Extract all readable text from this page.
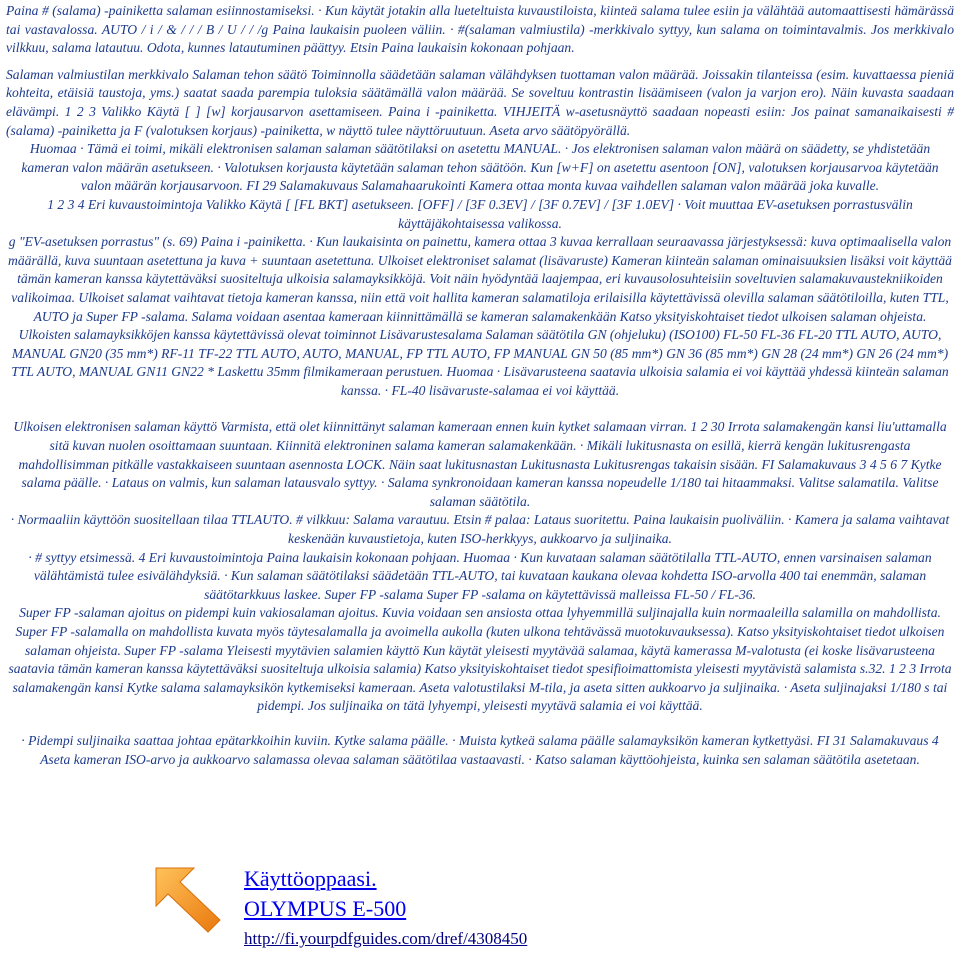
Paina # (salama) -painiketta salaman esiinnostamiseksi. · Kun käytät jotakin alla lueteltuista kuvaustiloista, kiinteä salama tulee esiin ja välähtää automaattisesti hämärässä tai vastavalossa. AUTO / i / & / / / B / U / / /g Paina laukaisin puoleen väliin. · #(salaman valmiustila) -merkkivalo syttyy, kun salama on toimintavalmis. Jos merkkivalo vilkkuu, salama latautuu. Odota, kunnes latautuminen päättyy. Etsin Paina laukaisin kokonaan pohjaan.

Salaman valmiustilan merkkivalo Salaman tehon säätö Toiminnolla säädetään salaman välähdyksen tuottaman valon määrää. Joissakin tilanteissa (esim. kuvattaessa pieniä kohteita, etäisiä taustoja, yms.) saatat saada parempia tuloksia säätämällä valon määrää. Se soveltuu kontrastin lisäämiseen (valon ja varjon ero). Näin kuvasta saadaan elävämpi. 1 2 3 Valikko Käytä [ ] [w] korjausarvon asettamiseen. Paina i -painiketta. VIHJEITÄ w-asetusnäyttö saadaan nopeasti esiin: Jos painat samanaikaisesti # (salama) -painiketta ja F (valotuksen korjaus) -painiketta, w näyttö tulee näyttöruutuun. Aseta arvo säätöpyörällä.

Huomaa · Tämä ei toimi, mikäli elektronisen salaman salaman säätötilaksi on asetettu MANUAL. · Jos elektronisen salaman valon määrä on säädetty, se yhdistetään kameran valon määrän asetukseen. · Valotuksen korjausta käytetään salaman tehon säätöön. Kun [w+F] on asetettu asentoon [ON], valotuksen korjausarvoa käytetään valon määrän korjausarvoon. FI 29 Salamakuvaus Salamahaarukointi Kamera ottaa monta kuvaa vaihdellen salaman valon määrää joka kuvalle.

1 2 3 4 Eri kuvaustoimintoja Valikko Käytä [ [FL BKT] asetukseen. [OFF] / [3F 0.3EV] / [3F 0.7EV] / [3F 1.0EV] · Voit muuttaa EV-asetuksen porrastusvälin käyttäjäkohtaisessa valikossa.

g "EV-asetuksen porrastus" (s. 69) Paina i -painiketta. · Kun laukaisinta on painettu, kamera ottaa 3 kuvaa kerrallaan seuraavassa järjestyksessä: kuva optimaalisella valon määrällä, kuva suuntaan asetettuna ja kuva + suuntaan asetettuna. Ulkoiset elektroniset salamat (lisävaruste) Kameran kiinteän salaman ominaisuuksien lisäksi voit käyttää tämän kameran kanssa käytettäväksi suositeltuja ulkoisia salamayksikköjä. Voit näin hyödyntää laajempaa, eri kuvausolosuhteisiin soveltuvien salamakuvaustekniikoiden valikoimaa. Ulkoiset salamat vaihtavat tietoja kameran kanssa, niin että voit hallita kameran salamatiloja erilaisilla käytettävissä olevilla salaman säätötiloilla, kuten TTL, AUTO ja Super FP -salama. Salama voidaan asentaa kameraan kiinnittämällä se kameran salamakenkään Katso yksityiskohtaiset tiedot ulkoisen salaman ohjeista. Ulkoisten salamayksikköjen kanssa käytettävissä olevat toiminnot Lisävarustesalama Salaman säätötila GN (ohjeluku) (ISO100) FL-50 FL-36 FL-20 TTL AUTO, AUTO, MANUAL GN20 (35 mm*) RF-11 TF-22 TTL AUTO, AUTO, MANUAL, FP TTL AUTO, FP MANUAL GN 50 (85 mm*) GN 36 (85 mm*) GN 28 (24 mm*) GN 26 (24 mm*) TTL AUTO, MANUAL GN11 GN22 * Laskettu 35mm filmikameraan perustuen. Huomaa · Lisävarusteena saatavia ulkoisia salamia ei voi käyttää yhdessä kiinteän salaman kanssa. · FL-40 lisävaruste-salamaa ei voi käyttää.

Ulkoisen elektronisen salaman käyttö Varmista, että olet kiinnittänyt salaman kameraan ennen kuin kytket salamaan virran. 1 2 30 Irrota salamakengän kansi liu'uttamalla sitä kuvan nuolen osoittamaan suuntaan. Kiinnitä elektroninen salama kameran salamakenkään. · Mikäli lukitusnasta on esillä, kierrä kengän lukitusrengasta mahdollisimman pitkälle vastakkaiseen suuntaan asennosta LOCK. Näin saat lukitusnastan Lukitusnasta Lukitusrengas takaisin sisään. FI Salamakuvaus 3 4 5 6 7 Kytke salama päälle. · Lataus on valmis, kun salaman latausvalo syttyy. · Salama synkronoidaan kameran kanssa nopeudelle 1/180 tai hitaammaksi. Valitse salamatila. Valitse salaman säätötila.

· Normaaliin käyttöön suositellaan tilaa TTLAUTO. # vilkkuu: Salama varautuu. Etsin # palaa: Lataus suoritettu. Paina laukaisin puoliväliin. · Kamera ja salama vaihtavat keskenään kuvaustietoja, kuten ISO-herkkyys, aukkoarvo ja suljinaika.

· # syttyy etsimessä. 4 Eri kuvaustoimintoja Paina laukaisin kokonaan pohjaan. Huomaa · Kun kuvataan salaman säätötilalla TTL-AUTO, ennen varsinaisen salaman välähtämistä tulee esivälähdyksiä. · Kun salaman säätötilaksi säädetään TTL-AUTO, tai kuvataan kaukana olevaa kohdetta ISO-arvolla 400 tai enemmän, salaman säätötarkkuus laskee. Super FP -salama Super FP -salama on käytettävissä malleissa FL-50 / FL-36.

Super FP -salaman ajoitus on pidempi kuin vakiosalaman ajoitus. Kuvia voidaan sen ansiosta ottaa lyhyemmillä suljinajalla kuin normaaleilla salamilla on mahdollista. Super FP -salamalla on mahdollista kuvata myös täytesalamalla ja avoimella aukolla (kuten ulkona tehtävässä muotokuvauksessa). Katso yksityiskohtaiset tiedot ulkoisen salaman ohjeista. Super FP -salama Yleisesti myytävien salamien käyttö Kun käytät yleisesti myytävää salamaa, käytä kamerassa M-valotusta (ei koske lisävarusteena saatavia tämän kameran kanssa käytettäväksi suositeltuja ulkoisia salamia) Katso yksityiskohtaiset tiedot spesifioimattomista yleisesti myytävistä salamista s.32. 1 2 3 Irrota salamakengän kansi Kytke salama salamayksikön kytkemiseksi kameraan. Aseta valotustilaksi M-tila, ja aseta sitten aukkoarvo ja suljinaika. · Aseta suljinajaksi 1/180 s tai pidempi. Jos suljinaika on tätä lyhyempi, yleisesti myytävä salamia ei voi käyttää.

· Pidempi suljinaika saattaa johtaa epätarkkoihin kuviin. Kytke salama päälle. · Muista kytkeä salama päälle salamayksikön kameran kytkettyäsi. FI 31 Salamakuvaus 4 Aseta kameran ISO-arvo ja aukkoarvo salamassa olevaa salaman säätötilaa vastaavasti. · Katso salaman käyttöohjeista, kuinka sen salaman säätötila asetetaan.

Käyttöoppaasi.
OLYMPUS E-500
http://fi.yourpdfguides.com/dref/4308450
